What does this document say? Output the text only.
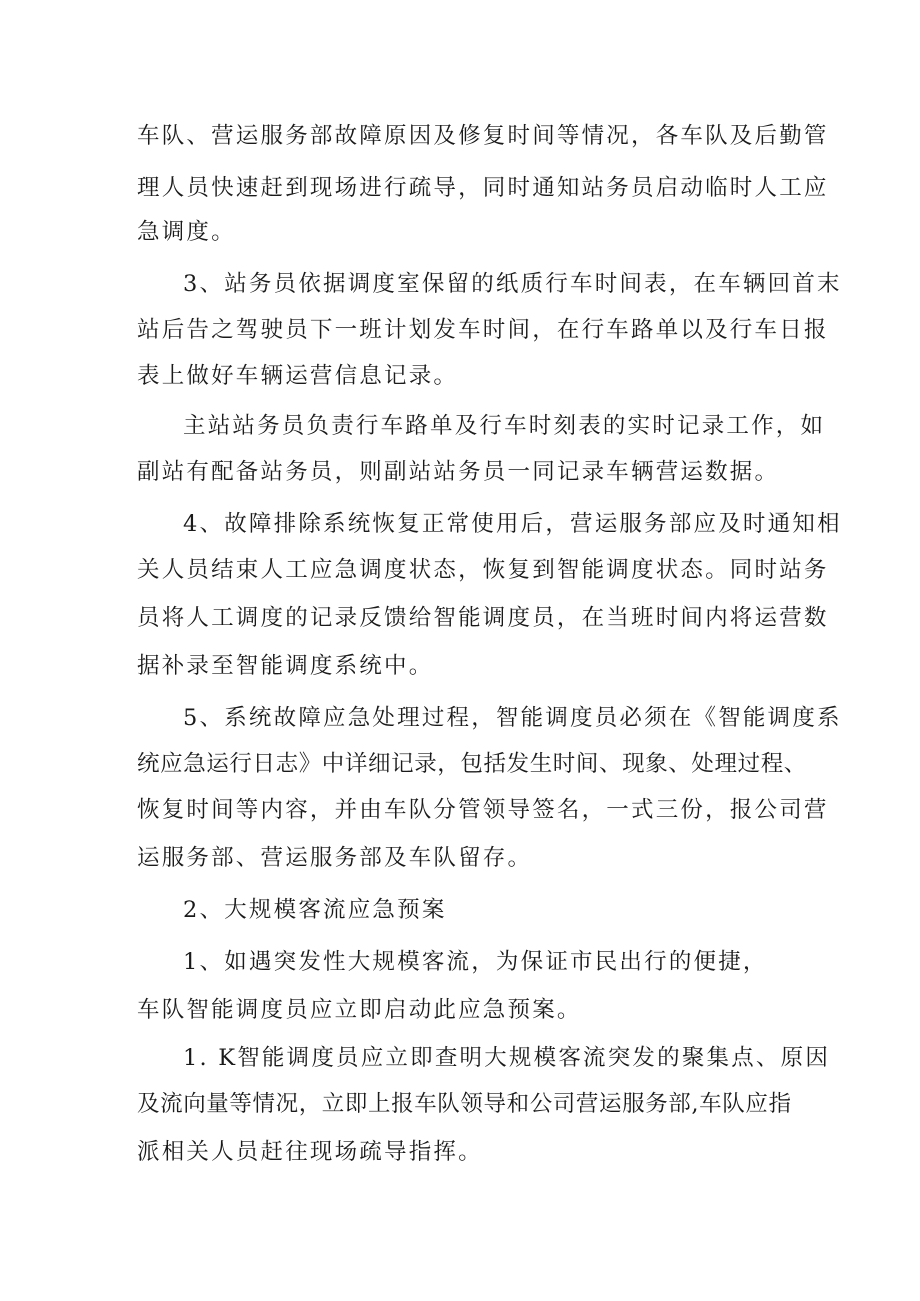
车队、营运服务部故障原因及修复时间等情况，各车队及后勤管
理人员快速赶到现场进行疏导，同时通知站务员启动临时人工应
急调度。
3、站务员依据调度室保留的纸质行车时间表，在车辆回首末
站后告之驾驶员下一班计划发车时间，在行车路单以及行车日报
表上做好车辆运营信息记录。
主站站务员负责行车路单及行车时刻表的实时记录工作，如
副站有配备站务员，则副站站务员一同记录车辆营运数据。
4、故障排除系统恢复正常使用后，营运服务部应及时通知相
关人员结束人工应急调度状态，恢复到智能调度状态。同时站务
员将人工调度的记录反馈给智能调度员，在当班时间内将运营数
据补录至智能调度系统中。
5、系统故障应急处理过程，智能调度员必须在《智能调度系
统应急运行日志》中详细记录，包括发生时间、现象、处理过程、
恢复时间等内容，并由车队分管领导签名，一式三份，报公司营
运服务部、营运服务部及车队留存。
2、大规模客流应急预案
1、如遇突发性大规模客流，为保证市民出行的便捷，
车队智能调度员应立即启动此应急预案。
1. K智能调度员应立即查明大规模客流突发的聚集点、原因
及流向量等情况，立即上报车队领导和公司营运服务部,车队应指
派相关人员赶往现场疏导指挥。
